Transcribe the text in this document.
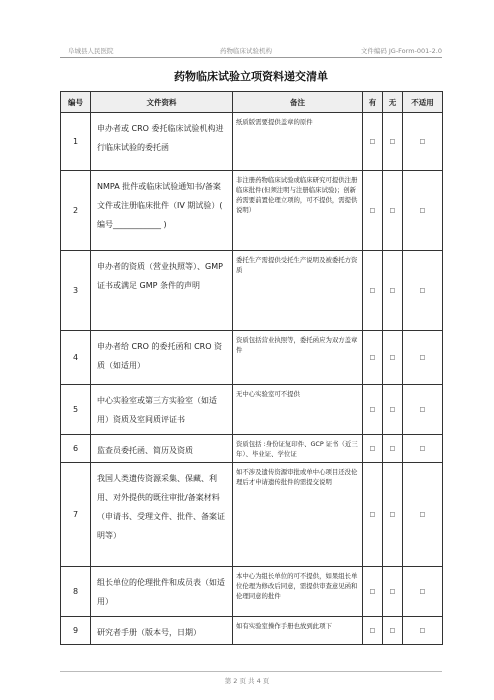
阜城县人民医院	药物临床试验机构	文件编码 JG-Form-001-2.0
药物临床试验立项资料递交清单
编号	文件资料	备注	有	无	不适用
1	申办者或 CRO 委托临床试验机构进行临床试验的委托函	纸质版需要提供盖章的原件	□	□	□
2	NMPA 批件或临床试验通知书/备案文件或注册临床批件（IV 期试验）( 编号____________ )	非注册药物临床试验或临床研究可提供注册临床批件(但须注明与注册临床试验)；创新药需要前置伦理立项的，可不提供，需提供说明）	□	□	□
3	申办者的资质（营业执照等）、GMP 证书或满足 GMP 条件的声明	委托生产需提供受托生产说明及被委托方资质	□	□	□
4	申办者给 CRO 的委托函和 CRO 资质（如适用）	资质包括营业执照等，委托函应为双方盖章件	□	□	□
5	中心实验室或第三方实验室（如适用）资质及室间质评证书	无中心实验室可不提供	□	□	□
6	监查员委托函、简历及资质	资质包括 :身份证复印件、GCP 证书（近三年）、毕业证、学位证	□	□	□
7	我国人类遗传资源采集、保藏、利用、对外提供的既往审批/备案材料（申请书、受理文件、批件、备案证明等）	如不涉及遗传资源审批或单中心项目还没伦理后才申请遗传批件的需提交说明	□	□	□
8	组长单位的伦理批件和成员表（如适用）	本中心为组长单位的可不提供，如果组长单位伦理为修改后同意，需提供审查意见函和伦理同意的批件	□	□	□
9	研究者手册（版本号，日期）	如有实验室操作手册也放到此项下	□	□	□
第 2 页 共 4 页
